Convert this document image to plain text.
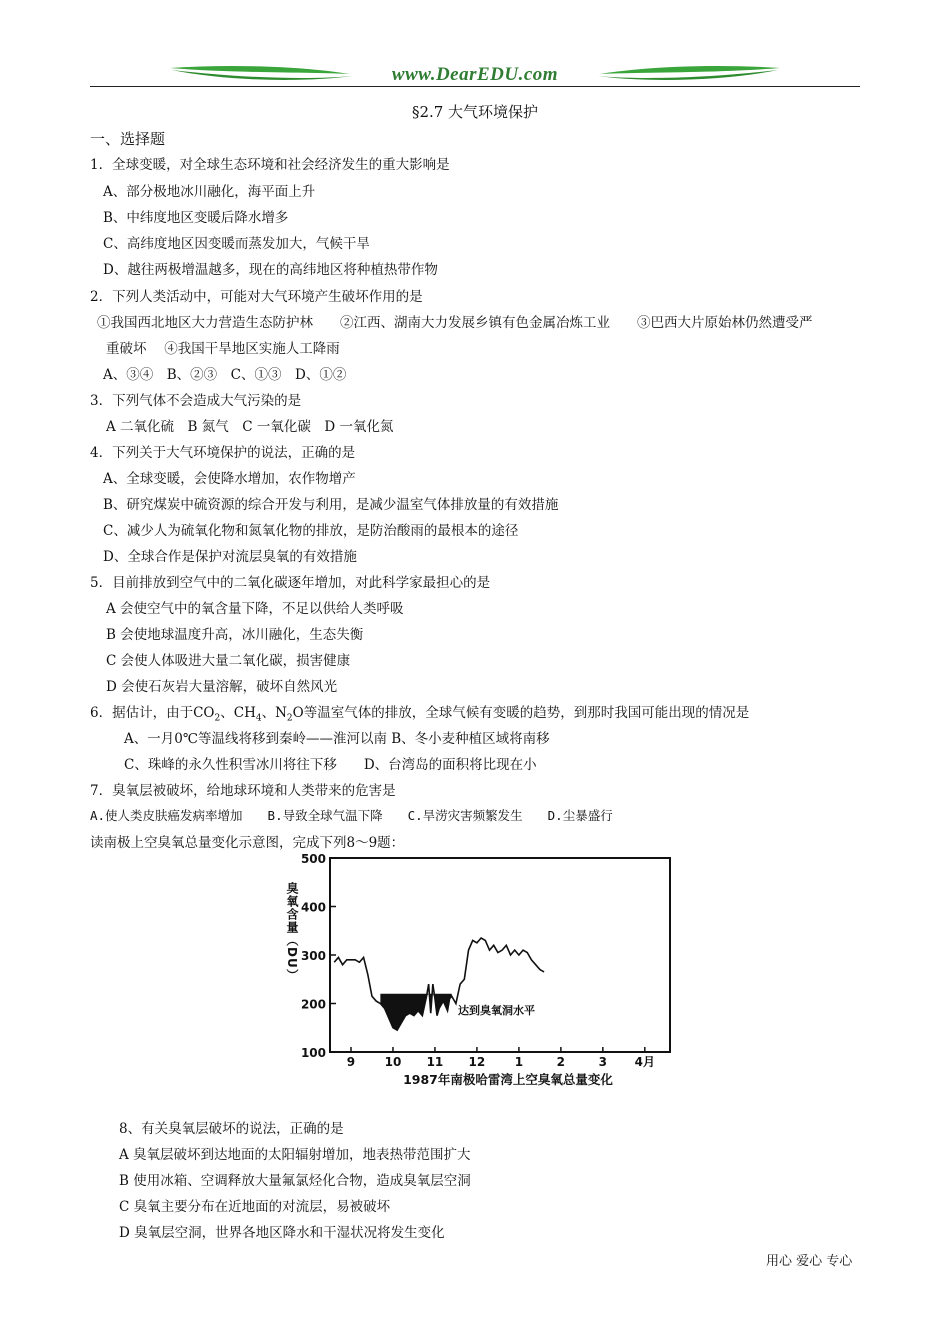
www.DearEDU.com
§2.7 大气环境保护
一、选择题
1．全球变暖，对全球生态环境和社会经济发生的重大影响是
A、部分极地冰川融化，海平面上升
B、中纬度地区变暖后降水增多
C、高纬度地区因变暖而蒸发加大，气候干旱
D、越往两极增温越多，现在的高纬地区将种植热带作物
2．下列人类活动中，可能对大气环境产生破坏作用的是
①我国西北地区大力营造生态防护林　　②江西、湖南大力发展乡镇有色金属冶炼工业　　③巴西大片原始林仍然遭受严
重破坏　 ④我国干旱地区实施人工降雨
A、③④　B、②③　C、①③　D、①②
3．下列气体不会造成大气污染的是
A 二氧化硫　B 氮气　C 一氧化碳　D 一氧化氮
4．下列关于大气环境保护的说法，正确的是
A、全球变暖，会使降水增加，农作物增产
B、研究煤炭中硫资源的综合开发与利用，是减少温室气体排放量的有效措施
C、减少人为硫氧化物和氮氧化物的排放，是防治酸雨的最根本的途径
D、全球合作是保护对流层臭氧的有效措施
5．目前排放到空气中的二氧化碳逐年增加，对此科学家最担心的是
A 会使空气中的氧含量下降，不足以供给人类呼吸
B 会使地球温度升高，冰川融化，生态失衡
C 会使人体吸进大量二氧化碳，损害健康
D 会使石灰岩大量溶解，破坏自然风光
A、一月0℃等温线将移到秦岭——淮河以南 B、冬小麦种植区域将南移
C、珠峰的永久性积雪冰川将往下移　　D、台湾岛的面积将比现在小
7．臭氧层被破坏，给地球环境和人类带来的危害是
读南极上空臭氧总量变化示意图，完成下列8～9题：
8、有关臭氧层破坏的说法，正确的是
A 臭氧层破坏到达地面的太阳辐射增加，地表热带范围扩大
B 使用冰箱、空调释放大量氟氯烃化合物，造成臭氧层空洞
C 臭氧主要分布在近地面的对流层，易被破坏
D 臭氧层空洞，世界各地区降水和干湿状况将发生变化
6．据估计，由于$CO_2$、$CH_4$、$N_2O$等温室气体的排放，全球气候有变暖的趋势，到那时我国可能出现的情况是
A.使人类皮肤癌发病率增加　　B.导致全球气温下降　　C.旱涝灾害频繁发生　　D.尘暴盛行
500
400
300
200
100
9 10 11 12 1	2	3 4月
臭氧含量（DU）
达到臭氧洞水平
1987年南极哈雷湾上空臭氧总量变化
用心 爱心 专心
